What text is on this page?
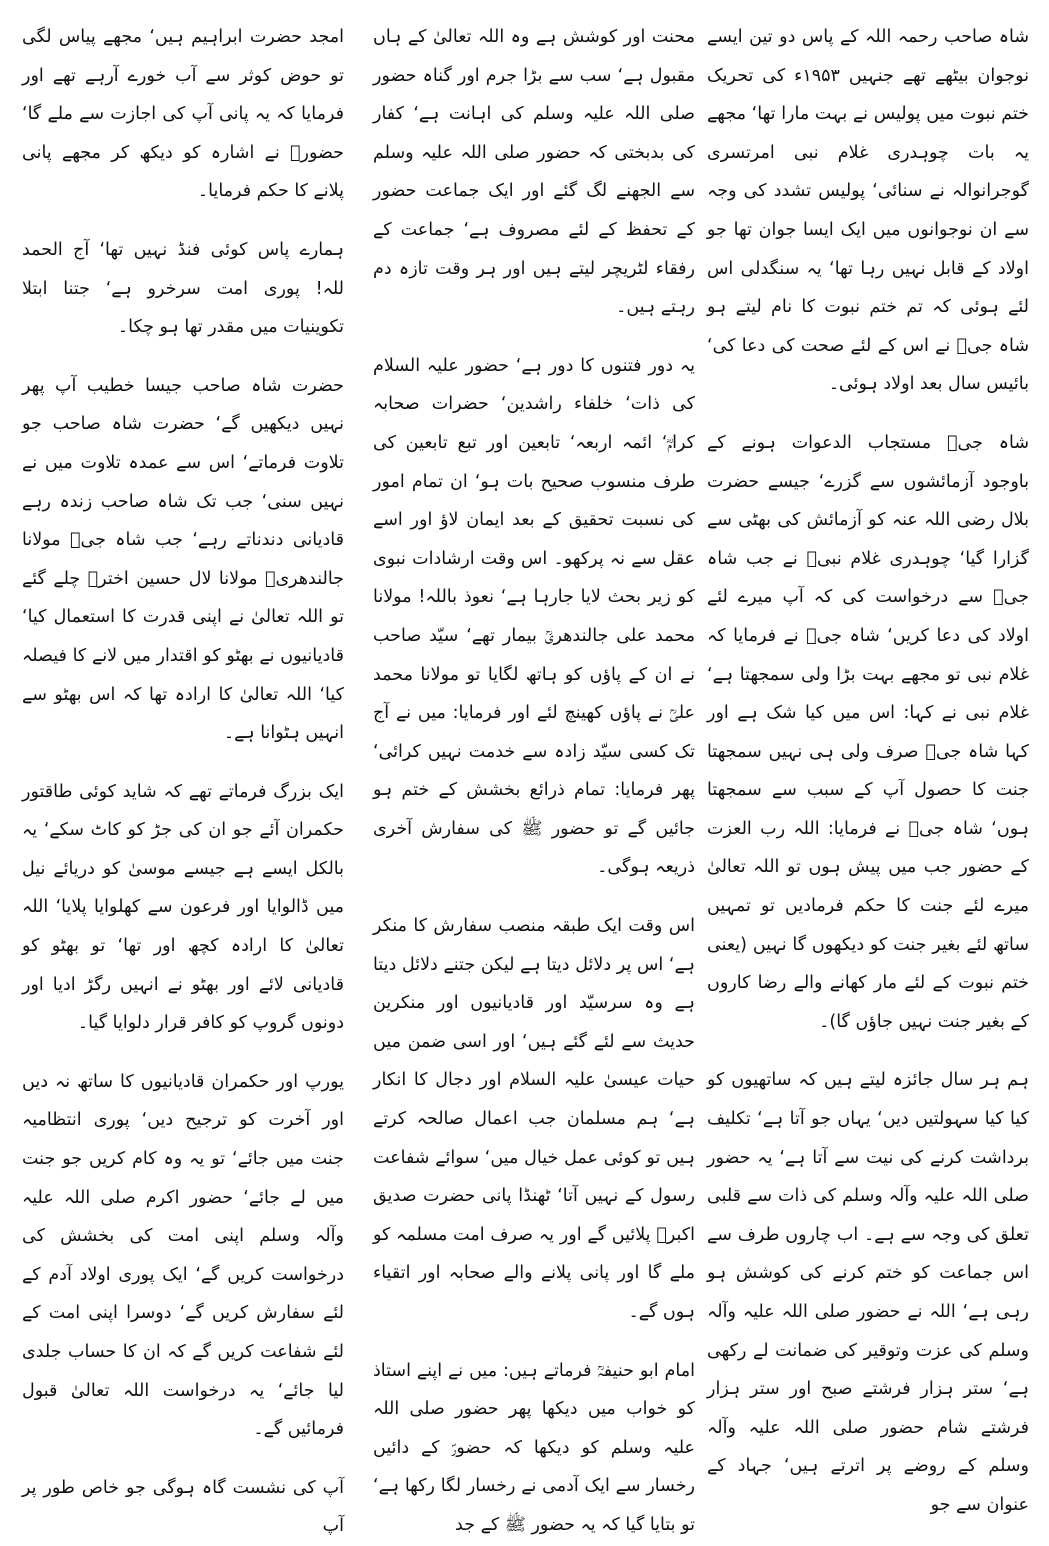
شاہ صاحب رحمہ اللہ کے پاس دو تین ایسے نوجوان بیٹھے تھے جنہیں ۱۹۵۳ء کی تحریک ختم نبوت میں پولیس نے بہت مارا تھا‘ مجھے یہ بات چوہدری غلام نبی امرتسری گوجرانوالہ نے سنائی‘ پولیس تشدد کی وجہ سے ان نوجوانوں میں ایک ایسا جوان تھا جو اولاد کے قابل نہیں رہا تھا‘ یہ سنگدلی اس لئے ہوئی کہ تم ختم نبوت کا نام لیتے ہو شاہ جیؒ نے اس کے لئے صحت کی دعا کی‘ بائیس سال بعد اولاد ہوئی۔

شاہ جیؒ مستجاب الدعوات ہونے کے باوجود آزمائشوں سے گزرے‘ جیسے حضرت بلال رضی اللہ عنہ کو آزمائش کی بھٹی سے گزارا گیا‘ چوہدری غلام نبیؒ نے جب شاہ جیؒ سے درخواست کی کہ آپ میرے لئے اولاد کی دعا کریں‘ شاہ جیؒ نے فرمایا کہ غلام نبی تو مجھے بہت بڑا ولی سمجھتا ہے‘ غلام نبی نے کہا: اس میں کیا شک ہے اور کہا شاہ جیؒ صرف ولی ہی نہیں سمجھتا جنت کا حصول آپ کے سبب سے سمجھتا ہوں‘ شاہ جیؒ نے فرمایا: اللہ رب العزت کے حضور جب میں پیش ہوں تو اللہ تعالیٰ میرے لئے جنت کا حکم فرمادیں تو تمہیں ساتھ لئے بغیر جنت کو دیکھوں گا نہیں (یعنی ختم نبوت کے لئے مار کھانے والے رضا کاروں کے بغیر جنت نہیں جاؤں گا)۔

ہم ہر سال جائزہ لیتے ہیں کہ ساتھیوں کو کیا کیا سہولتیں دیں‘ یہاں جو آتا ہے‘ تکلیف برداشت کرنے کی نیت سے آتا ہے‘ یہ حضور صلی اللہ علیہ وآلہ وسلم کی ذات سے قلبی تعلق کی وجہ سے ہے۔ اب چاروں طرف سے اس جماعت کو ختم کرنے کی کوشش ہو رہی ہے‘ اللہ نے حضور صلی اللہ علیہ وآلہ وسلم کی عزت وتوقیر کی ضمانت لے رکھی ہے‘ ستر ہزار فرشتے صبح اور ستر ہزار فرشتے شام حضور صلی اللہ علیہ وآلہ وسلم کے روضے پر اترتے ہیں‘ جہاد کے عنوان سے جو

محنت اور کوشش ہے وہ اللہ تعالیٰ کے ہاں مقبول ہے‘ سب سے بڑا جرم اور گناہ حضور صلی اللہ علیہ وسلم کی اہانت ہے‘ کفار کی بدبختی کہ حضور صلی اللہ علیہ وسلم سے الجھنے لگ گئے اور ایک جماعت حضور کے تحفظ کے لئے مصروف ہے‘ جماعت کے رفقاء لٹریچر لیتے ہیں اور ہر وقت تازہ دم رہتے ہیں۔

یہ دور فتنوں کا دور ہے‘ حضور علیہ السلام کی ذات‘ خلفاء راشدین‘ حضرات صحابہ کرامؓ‘ ائمہ اربعہ‘ تابعین اور تبع تابعین کی طرف منسوب صحیح بات ہو‘ ان تمام امور کی نسبت تحقیق کے بعد ایمان لاؤ اور اسے عقل سے نہ پرکھو۔ اس وقت ارشادات نبوی کو زیر بحث لایا جارہا ہے‘ نعوذ باللہ! مولانا محمد علی جالندھریؒ بیمار تھے‘ سیّد صاحب نے ان کے پاؤں کو ہاتھ لگایا تو مولانا محمد علیؒ نے پاؤں کھینچ لئے اور فرمایا: میں نے آج تک کسی سیّد زادہ سے خدمت نہیں کرائی‘ پھر فرمایا: تمام ذرائع بخشش کے ختم ہو جائیں گے تو حضور ﷺ کی سفارش آخری ذریعہ ہوگی۔

اس وقت ایک طبقہ منصب سفارش کا منکر ہے‘ اس پر دلائل دیتا ہے لیکن جتنے دلائل دیتا ہے وہ سرسیّد اور قادیانیوں اور منکرین حدیث سے لئے گئے ہیں‘ اور اسی ضمن میں حیات عیسیٰ علیہ السلام اور دجال کا انکار ہے‘ ہم مسلمان جب اعمال صالحہ کرتے ہیں تو کوئی عمل خیال میں‘ سوائے شفاعت رسول کے نہیں آتا‘ ٹھنڈا پانی حضرت صدیق اکبرؓ پلائیں گے اور یہ صرف امت مسلمہ کو ملے گا اور پانی پلانے والے صحابہ اور اتقیاء ہوں گے۔

امام ابو حنیفہؒ فرماتے ہیں: میں نے اپنے استاذ کو خواب میں دیکھا پھر حضور صلی اللہ علیہ وسلم کو دیکھا کہ حضورؐ کے دائیں رخسار سے ایک آدمی نے رخسار لگا رکھا ہے‘ تو بتایا گیا کہ یہ حضور ﷺ کے جد

امجد حضرت ابراہیم ہیں‘ مجھے پیاس لگی تو حوض کوثر سے آب خورے آرہے تھے اور فرمایا کہ یہ پانی آپ کی اجازت سے ملے گا‘ حضورؐ نے اشارہ کو دیکھ کر مجھے پانی پلانے کا حکم فرمایا۔

ہمارے پاس کوئی فنڈ نہیں تھا‘ آج الحمد للہ! پوری امت سرخرو ہے‘ جتنا ابتلا تکوینیات میں مقدر تھا ہو چکا۔

حضرت شاہ صاحب جیسا خطیب آپ پھر نہیں دیکھیں گے‘ حضرت شاہ صاحب جو تلاوت فرماتے‘ اس سے عمدہ تلاوت میں نے نہیں سنی‘ جب تک شاہ صاحب زندہ رہے قادیانی دندناتے رہے‘ جب شاہ جیؒ مولانا جالندھریؒ مولانا لال حسین اخترؒ چلے گئے تو اللہ تعالیٰ نے اپنی قدرت کا استعمال کیا‘ قادیانیوں نے بھٹو کو اقتدار میں لانے کا فیصلہ کیا‘ اللہ تعالیٰ کا ارادہ تھا کہ اس بھٹو سے انہیں ہٹوانا ہے۔

ایک بزرگ فرماتے تھے کہ شاید کوئی طاقتور حکمران آئے جو ان کی جڑ کو کاٹ سکے‘ یہ بالکل ایسے ہے جیسے موسیٰ کو دریائے نیل میں ڈالوایا اور فرعون سے کھلوایا پلایا‘ اللہ تعالیٰ کا ارادہ کچھ اور تھا‘ تو بھٹو کو قادیانی لائے اور بھٹو نے انہیں رگڑ ادیا اور دونوں گروپ کو کافر قرار دلوایا گیا۔

یورپ اور حکمران قادیانیوں کا ساتھ نہ دیں اور آخرت کو ترجیح دیں‘ پوری انتظامیہ جنت میں جائے‘ تو یہ وہ کام کریں جو جنت میں لے جائے‘ حضور اکرم صلی اللہ علیہ وآلہ وسلم اپنی امت کی بخشش کی درخواست کریں گے‘ ایک پوری اولاد آدم کے لئے سفارش کریں گے‘ دوسرا اپنی امت کے لئے شفاعت کریں گے کہ ان کا حساب جلدی لیا جائے‘ یہ درخواست اللہ تعالیٰ قبول فرمائیں گے۔

آپ کی نشست گاہ ہوگی جو خاص طور پر آپ
